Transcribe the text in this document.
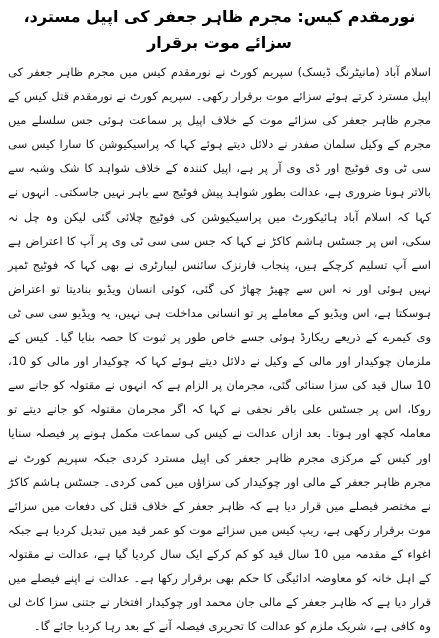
نورمقدم کیس: مجرم ظاہر جعفر کی اپیل مسترد، سزائے موت برقرار

اسلام آباد (مانیٹرنگ ڈیسک) سپریم کورٹ نے نورمقدم کیس میں مجرم ظاہر جعفر کی اپیل مسترد کرتے ہوئے سزائے موت برقرار رکھی۔ سپریم کورٹ نے نورمقدم قتل کیس کے مجرم ظاہر جعفر کی سزائے موت کے خلاف اپیل پر سماعت ہوئی جس سلسلے میں مجرم کے وکیل سلمان صفدر نے دلائل دیتے ہوئے کہا کہ پراسیکیوشن کا سارا کیس سی سی ٹی وی فوٹیج اور ڈی وی آر پر ہے، اپیل کنندہ کے خلاف شواہد کا شک وشبہ سے بالاتر ہونا ضروری ہے، عدالت بطور شواہد پیش فوٹیج سے باہر نہیں جاسکتی۔ انہوں نے کہا کہ اسلام آباد ہائیکورٹ میں پراسیکیوشن کی فوٹیج چلائی گئی لیکن وہ چل نہ سکی، اس پر جسٹس ہاشم کاکڑ نے کہا کہ جس سی سی ٹی وی پر آپ کا اعتراض ہے اسے آپ تسلیم کرچکے ہیں، پنجاب فارنزک سائنس لیبارٹری نے بھی کہا کہ فوٹیج ٹمپر نہیں ہوئی اور نہ اس سے چھیڑ چھاڑ کی گئی، کوئی انسان ویڈیو بنادیتا تو اعتراض ہوسکتا ہے، اس ویڈیو کے معاملے پر تو انسانی مداخلت ہی نہیں، یہ ویڈیو سی سی ٹی وی کیمرے کے ذریعے ریکارڈ ہوئی جسے خاص طور پر ثبوت کا حصہ بنایا گیا۔ کیس کے ملزمان چوکیدار اور مالی کے وکیل نے دلائل دیتے ہوئے کہا کہ چوکیدار اور مالی کو 10، 10 سال قید کی سزا سنائی گئی، مجرمان پر الزام ہے کہ انہوں نے مقتولہ کو جانے سے روکا، اس پر جسٹس علی باقر نجفی نے کہا کہ اگر مجرمان مقتولہ کو جانے دیتے تو معاملہ کچھ اور ہوتا۔ بعد ازاں عدالت نے کیس کی سماعت مکمل ہونے پر فیصلہ سنایا اور کیس کے مرکزی مجرم ظاہر جعفر کی اپیل مسترد کردی جبکہ سپریم کورٹ نے مجرم ظاہر جعفر کے مالی اور چوکیدار کی سزاؤں میں کمی کردی۔ جسٹس ہاشم کاکڑ نے مختصر فیصلے میں قرار دیا ہے کہ ظاہر جعفر کے خلاف قتل کی دفعات میں سزائے موت برقرار رکھی ہے، ریپ کیس میں سزائے موت کو عمر قید میں تبدیل کردیا ہے جبکہ اغواء کے مقدمہ میں 10 سال قید کو کم کرکے ایک سال کردیا گیا ہے، عدالت نے مقتولہ کے اہل خانہ کو معاوضہ ادائیگی کا حکم بھی برقرار رکھا ہے۔ عدالت نے اپنے فیصلے میں قرار دیا ہے کہ ظاہر جعفر کے مالی جان محمد اور چوکیدار افتخار نے جتنی سزا کاٹ لی وہ کافی ہے، شریک ملزم کو عدالت کا تحریری فیصلہ آنے کے بعد رہا کردیا جائے گا۔
